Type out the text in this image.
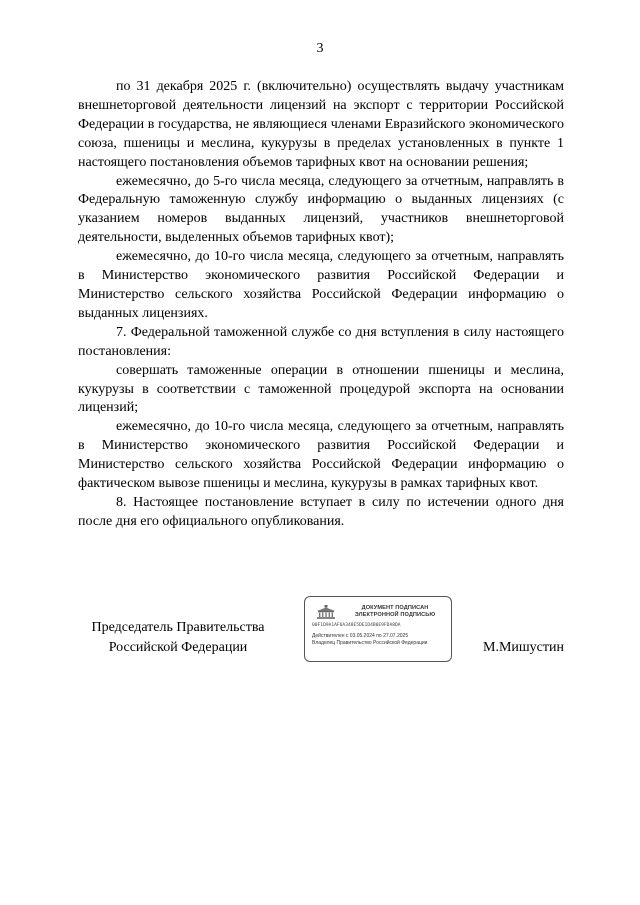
3

по 31 декабря 2025 г. (включительно) осуществлять выдачу участникам внешнеторговой деятельности лицензий на экспорт с территории Российской Федерации в государства, не являющиеся членами Евразийского экономического союза, пшеницы и меслина, кукурузы в пределах установленных в пункте 1 настоящего постановления объемов тарифных квот на основании решения;

ежемесячно, до 5-го числа месяца, следующего за отчетным, направлять в Федеральную таможенную службу информацию о выданных лицензиях (с указанием номеров выданных лицензий, участников внешнеторговой деятельности, выделенных объемов тарифных квот);

ежемесячно, до 10-го числа месяца, следующего за отчетным, направлять в Министерство экономического развития Российской Федерации и Министерство сельского хозяйства Российской Федерации информацию о выданных лицензиях.

7. Федеральной таможенной службе со дня вступления в силу настоящего постановления:

совершать таможенные операции в отношении пшеницы и меслина, кукурузы в соответствии с таможенной процедурой экспорта на основании лицензий;

ежемесячно, до 10-го числа месяца, следующего за отчетным, направлять в Министерство экономического развития Российской Федерации и Министерство сельского хозяйства Российской Федерации информацию о фактическом вывозе пшеницы и меслина, кукурузы в рамках тарифных квот.

8. Настоящее постановление вступает в силу по истечении одного дня после дня его официального опубликования.

Председатель Правительства
Российской Федерации
ДОКУМЕНТ ПОДПИСАН
ЭЛЕКТРОННОЙ ПОДПИСЬЮ
00F1D9A1AF6A348E5DE1D4B0E9FDA8DA
Действителен с 03.05.2024 по 27.07.2025
Владелец Правительство Российской Федерации	М.Мишустин
